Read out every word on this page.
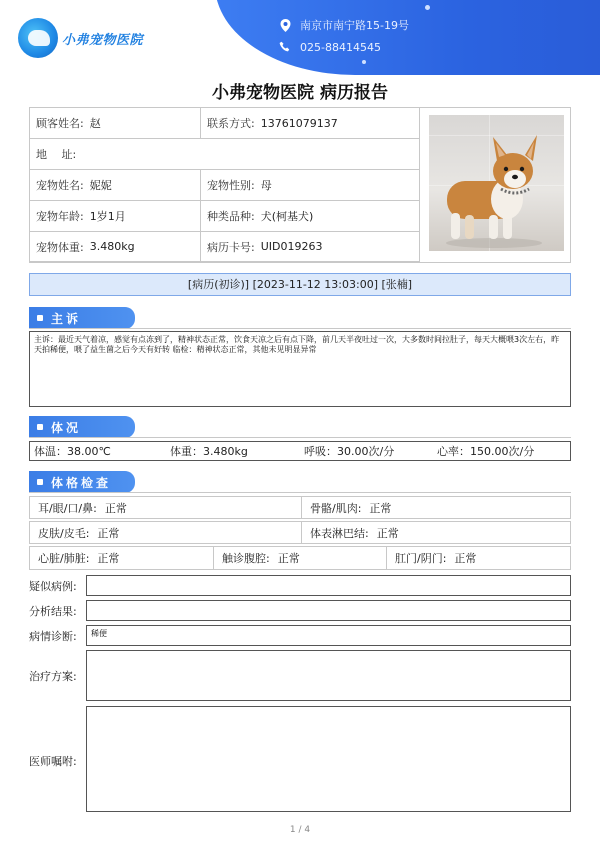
小弗宠物医院
南京市南宁路15-19号
025-88414545
小弗宠物医院 病历报告
顾客姓名: 赵	联系方式: 13761079137
地　 址:
宠物姓名: 妮妮	宠物性别: 母
宠物年龄: 1岁1月	种类品种: 犬(柯基犬)
宠物体重: 3.480kg	病历卡号: UID019263
[病历(初诊)] [2023-11-12 13:03:00] [张楠]
主诉
主诉：最近天气着凉，感觉有点冻到了，精神状态正常，饮食天凉之后有点下降，前几天半夜吐过一次，大多数时间拉肚子，每天大概喂3次左右，昨天拍稀便，喂了益生菌之后今天有好转 临检：精神状态正常，其他未见明显异常
体况
体温：38.00℃	体重：3.480kg	呼吸：30.00次/分	心率：150.00次/分
体格检查
耳/眼/口/鼻: 正常	骨骼/肌肉: 正常
皮肤/皮毛: 正常	体表淋巴结: 正常
心脏/肺脏: 正常	触诊腹腔: 正常	肛门/阴门: 正常
疑似病例:
分析结果:
病情诊断:	稀便
治疗方案:
医师嘱咐:
1 / 4
